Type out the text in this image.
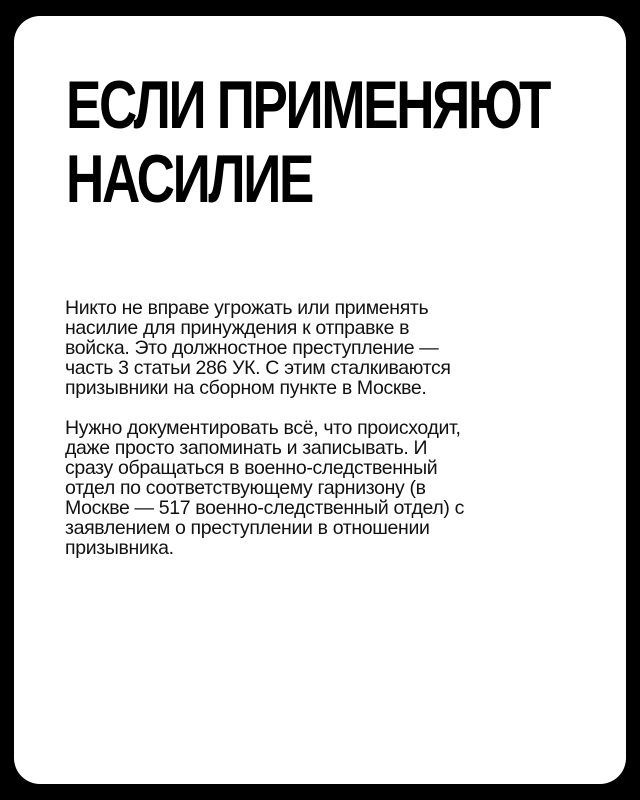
ЕСЛИ ПРИМЕНЯЮТ
НАСИЛИЕ

Никто не вправе угрожать или применять
насилие для принуждения к отправке в
войска. Это должностное преступление —
часть 3 статьи 286 УК. С этим сталкиваются
призывники на сборном пункте в Москве.

Нужно документировать всё, что происходит,
даже просто запоминать и записывать. И
сразу обращаться в военно-следственный
отдел по соответствующему гарнизону (в
Москве — 517 военно-следственный отдел) с
заявлением о преступлении в отношении
призывника.
